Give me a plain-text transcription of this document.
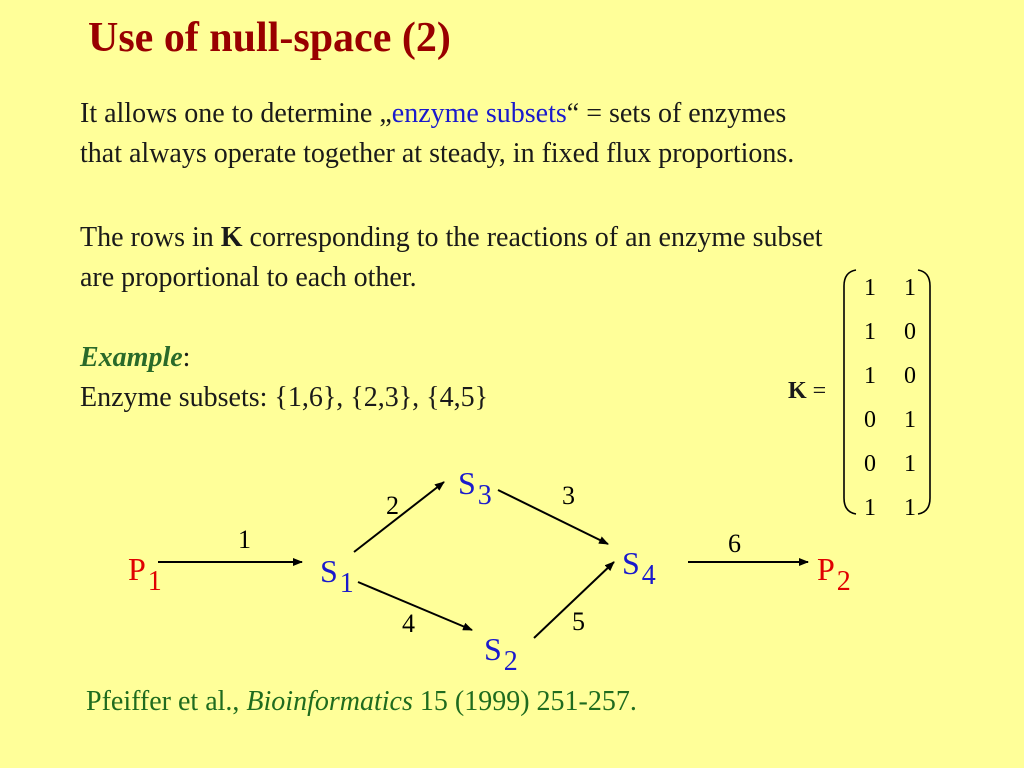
Use of null-space (2)
It allows one to determine „enzyme subsets“ = sets of enzymes
that always operate together at steady, in fixed flux proportions.
The rows in K corresponding to the reactions of an enzyme subset
are proportional to each other.
Example:
Enzyme subsets: {1,6}, {2,3}, {4,5}	K =
1 1
1 0
1 0
0 1
0 1
1 1
1
2	3
4	5
6
P1	S1
S2
S3
S4	P2
Pfeiffer et al., Bioinformatics 15 (1999) 251-257.
